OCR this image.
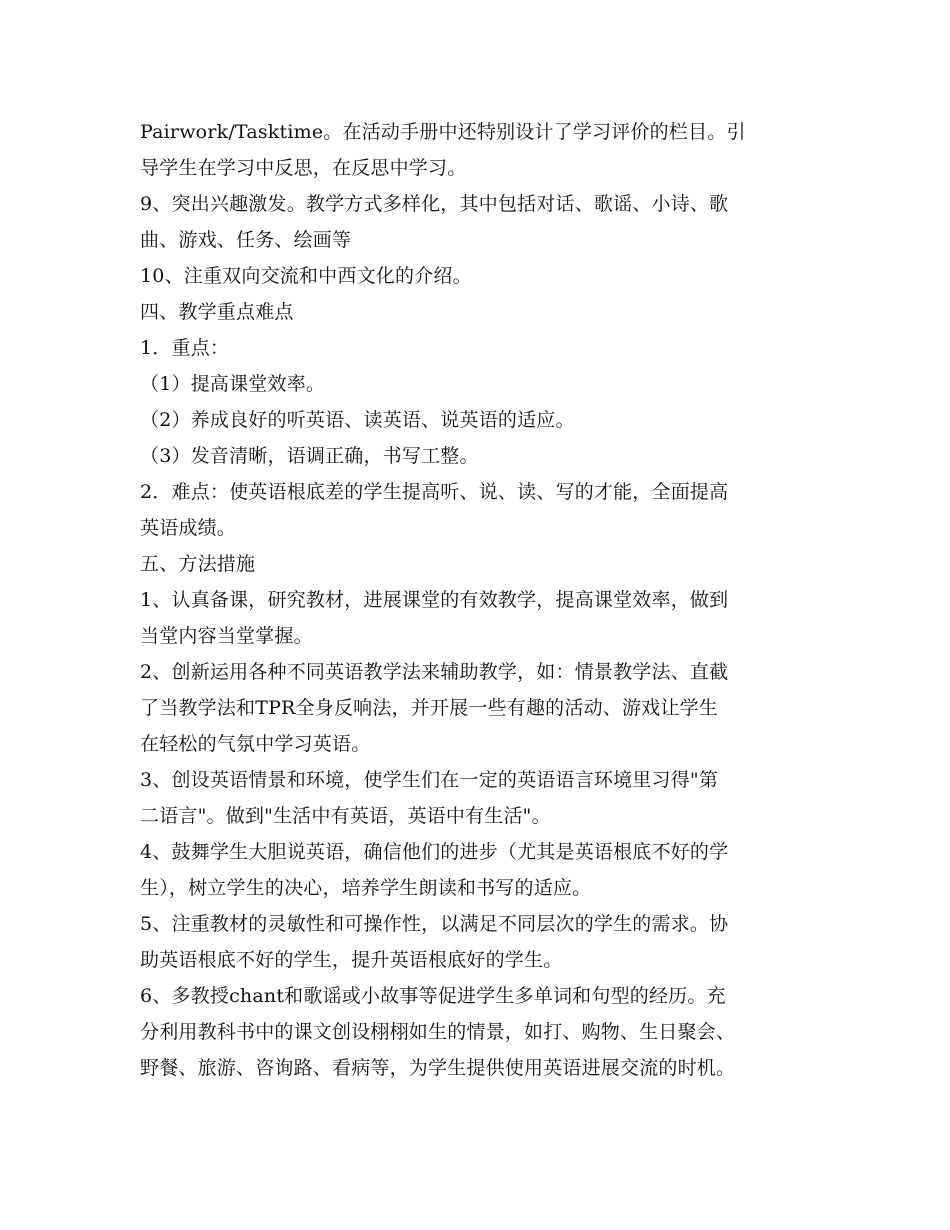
Pairwork/Tasktime。在活动手册中还特别设计了学习评价的栏目。引
导学生在学习中反思，在反思中学习。
9、突出兴趣激发。教学方式多样化，其中包括对话、歌谣、小诗、歌
曲、游戏、任务、绘画等
10、注重双向交流和中西文化的介绍。
四、教学重点难点
1．重点：
（1）提高课堂效率。
（2）养成良好的听英语、读英语、说英语的适应。
（3）发音清晰，语调正确，书写工整。
2．难点：使英语根底差的学生提高听、说、读、写的才能，全面提高
英语成绩。
五、方法措施
1、认真备课，研究教材，进展课堂的有效教学，提高课堂效率，做到
当堂内容当堂掌握。
2、创新运用各种不同英语教学法来辅助教学，如：情景教学法、直截
了当教学法和TPR全身反响法，并开展一些有趣的活动、游戏让学生
在轻松的气氛中学习英语。
3、创设英语情景和环境，使学生们在一定的英语语言环境里习得"第
二语言"。做到"生活中有英语，英语中有生活"。
4、鼓舞学生大胆说英语，确信他们的进步（尤其是英语根底不好的学
生），树立学生的决心，培养学生朗读和书写的适应。
5、注重教材的灵敏性和可操作性，以满足不同层次的学生的需求。协
助英语根底不好的学生，提升英语根底好的学生。
6、多教授chant和歌谣或小故事等促进学生多单词和句型的经历。充
分利用教科书中的课文创设栩栩如生的情景，如打、购物、生日聚会、
野餐、旅游、咨询路、看病等，为学生提供使用英语进展交流的时机。
